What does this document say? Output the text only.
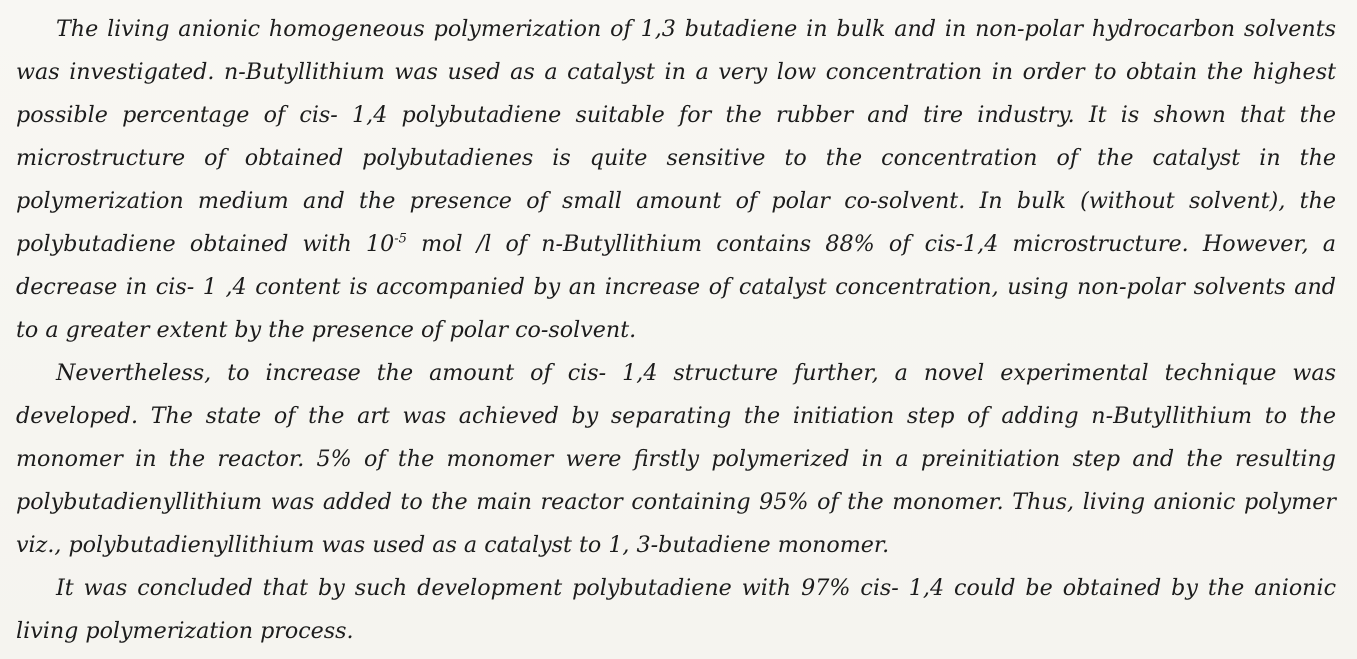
The living anionic homogeneous polymerization of 1,3 butadiene in bulk and in non-polar hydrocarbon solvents was investigated. n-Butyllithium was used as a catalyst in a very low concentration in order to obtain the highest possible percentage of cis- 1,4 polybutadiene suitable for the rubber and tire industry. It is shown that the microstructure of obtained polybutadienes is quite sensitive to the concentration of the catalyst in the polymerization medium and the presence of small amount of polar co-solvent. In bulk (without solvent), the polybutadiene obtained with $10^{-5}$ mol /l of n-Butyllithium contains 88% of cis-1,4 microstructure. However, a decrease in cis- 1 ,4 content is accompanied by an increase of catalyst concentration, using non-polar solvents and to a greater extent by the presence of polar co-solvent.

Nevertheless, to increase the amount of cis- 1,4 structure further, a novel experimental technique was developed. The state of the art was achieved by separating the initiation step of adding n-Butyllithium to the monomer in the reactor. 5% of the monomer were firstly polymerized in a preinitiation step and the resulting polybutadienyllithium was added to the main reactor containing 95% of the monomer. Thus, living anionic polymer viz., polybutadienyllithium was used as a catalyst to 1, 3-butadiene monomer.

It was concluded that by such development polybutadiene with 97% cis- 1,4 could be obtained by the anionic living polymerization process.
